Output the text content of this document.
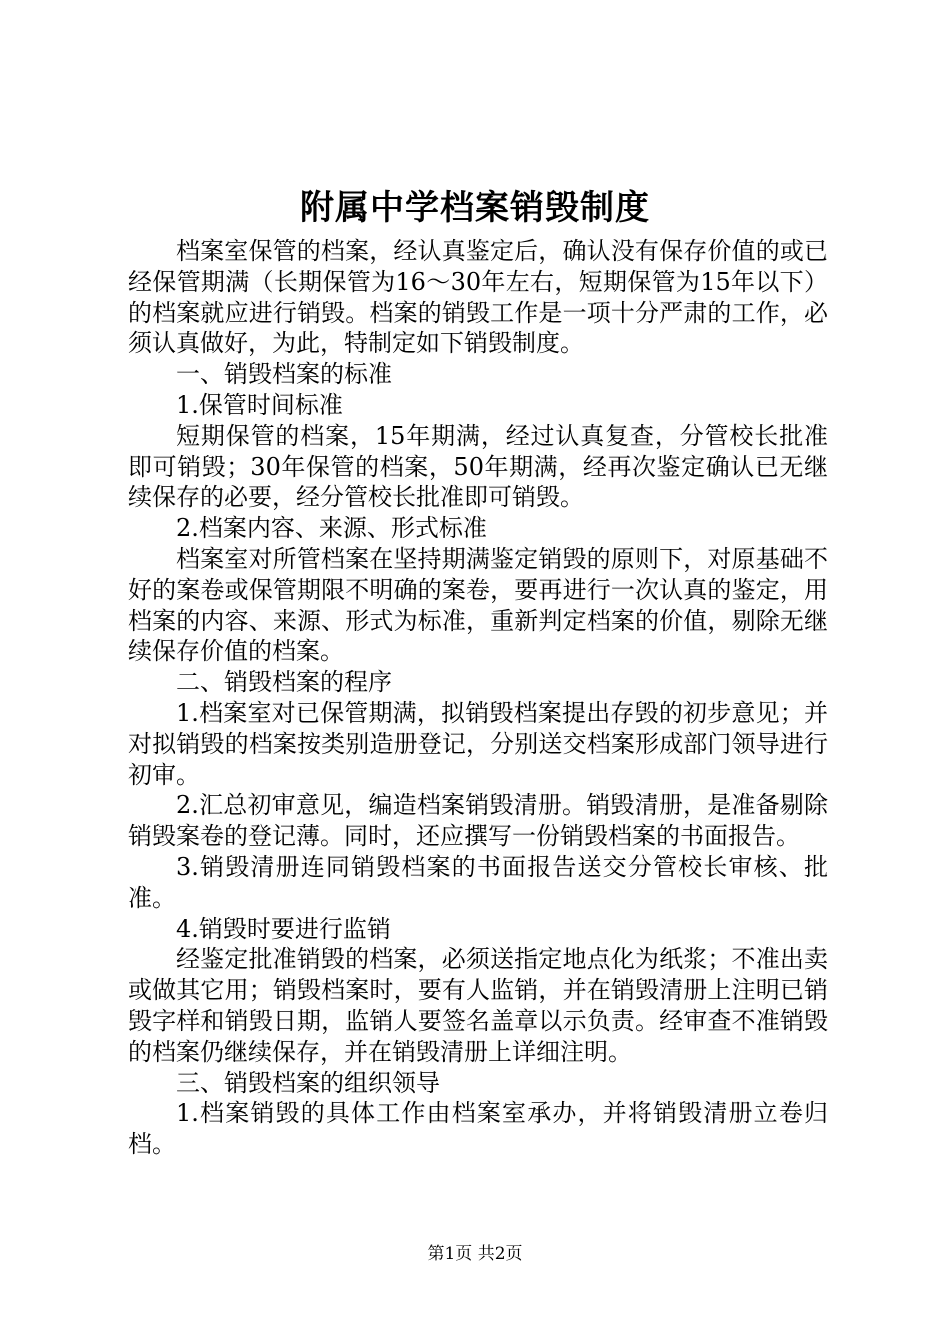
附属中学档案销毁制度

档案室保管的档案，经认真鉴定后，确认没有保存价值的或已经保管期满（长期保管为16～30年左右，短期保管为15年以下）的档案就应进行销毁。档案的销毁工作是一项十分严肃的工作，必须认真做好，为此，特制定如下销毁制度。

一、销毁档案的标准

1.保管时间标准

短期保管的档案，15年期满，经过认真复查，分管校长批准即可销毁；30年保管的档案，50年期满，经再次鉴定确认已无继续保存的必要，经分管校长批准即可销毁。

2.档案内容、来源、形式标准

档案室对所管档案在坚持期满鉴定销毁的原则下，对原基础不好的案卷或保管期限不明确的案卷，要再进行一次认真的鉴定，用档案的内容、来源、形式为标准，重新判定档案的价值，剔除无继续保存价值的档案。

二、销毁档案的程序

1.档案室对已保管期满，拟销毁档案提出存毁的初步意见；并对拟销毁的档案按类别造册登记，分别送交档案形成部门领导进行初审。

2.汇总初审意见，编造档案销毁清册。销毁清册，是准备剔除销毁案卷的登记薄。同时，还应撰写一份销毁档案的书面报告。

3.销毁清册连同销毁档案的书面报告送交分管校长审核、批准。

4.销毁时要进行监销

经鉴定批准销毁的档案，必须送指定地点化为纸浆；不准出卖或做其它用；销毁档案时，要有人监销，并在销毁清册上注明已销毁字样和销毁日期，监销人要签名盖章以示负责。经审查不准销毁的档案仍继续保存，并在销毁清册上详细注明。

三、销毁档案的组织领导

1.档案销毁的具体工作由档案室承办，并将销毁清册立卷归档。

第1页 共2页
